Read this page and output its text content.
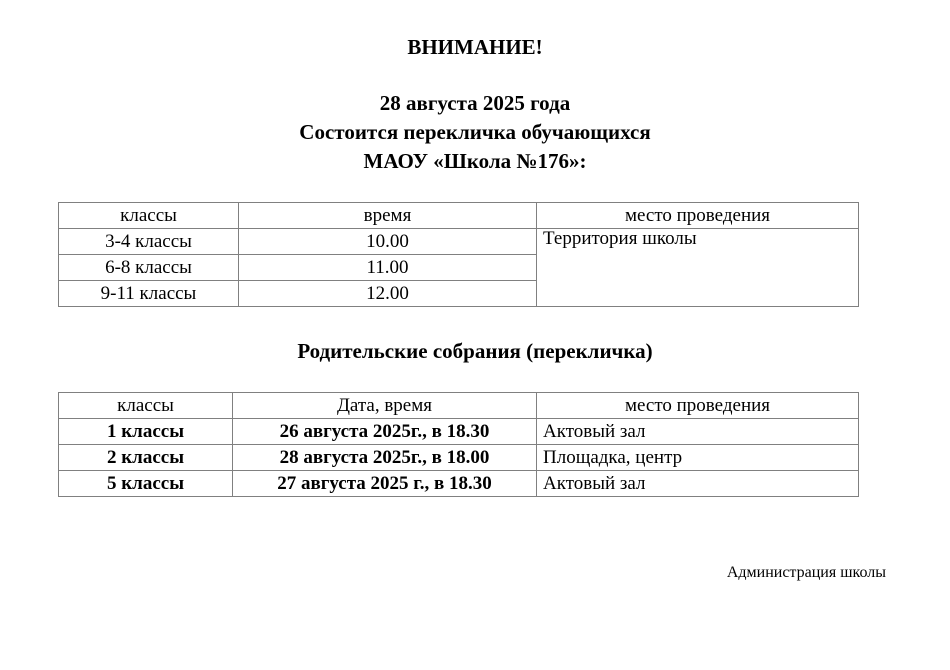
ВНИМАНИЕ!
28 августа 2025 года
Состоится перекличка обучающихся
МАОУ «Школа №176»:
классы	время	место проведения
3-4 классы	10.00	Территория школы
6-8 классы	11.00	
9-11 классы	12.00	
Родительские собрания (перекличка)
классы	Дата, время	место проведения
1 классы	26 августа 2025г., в 18.30	Актовый зал
2 классы	28 августа 2025г., в 18.00	Площадка, центр
5 классы	27 августа 2025 г., в 18.30	Актовый зал
Администрация школы
